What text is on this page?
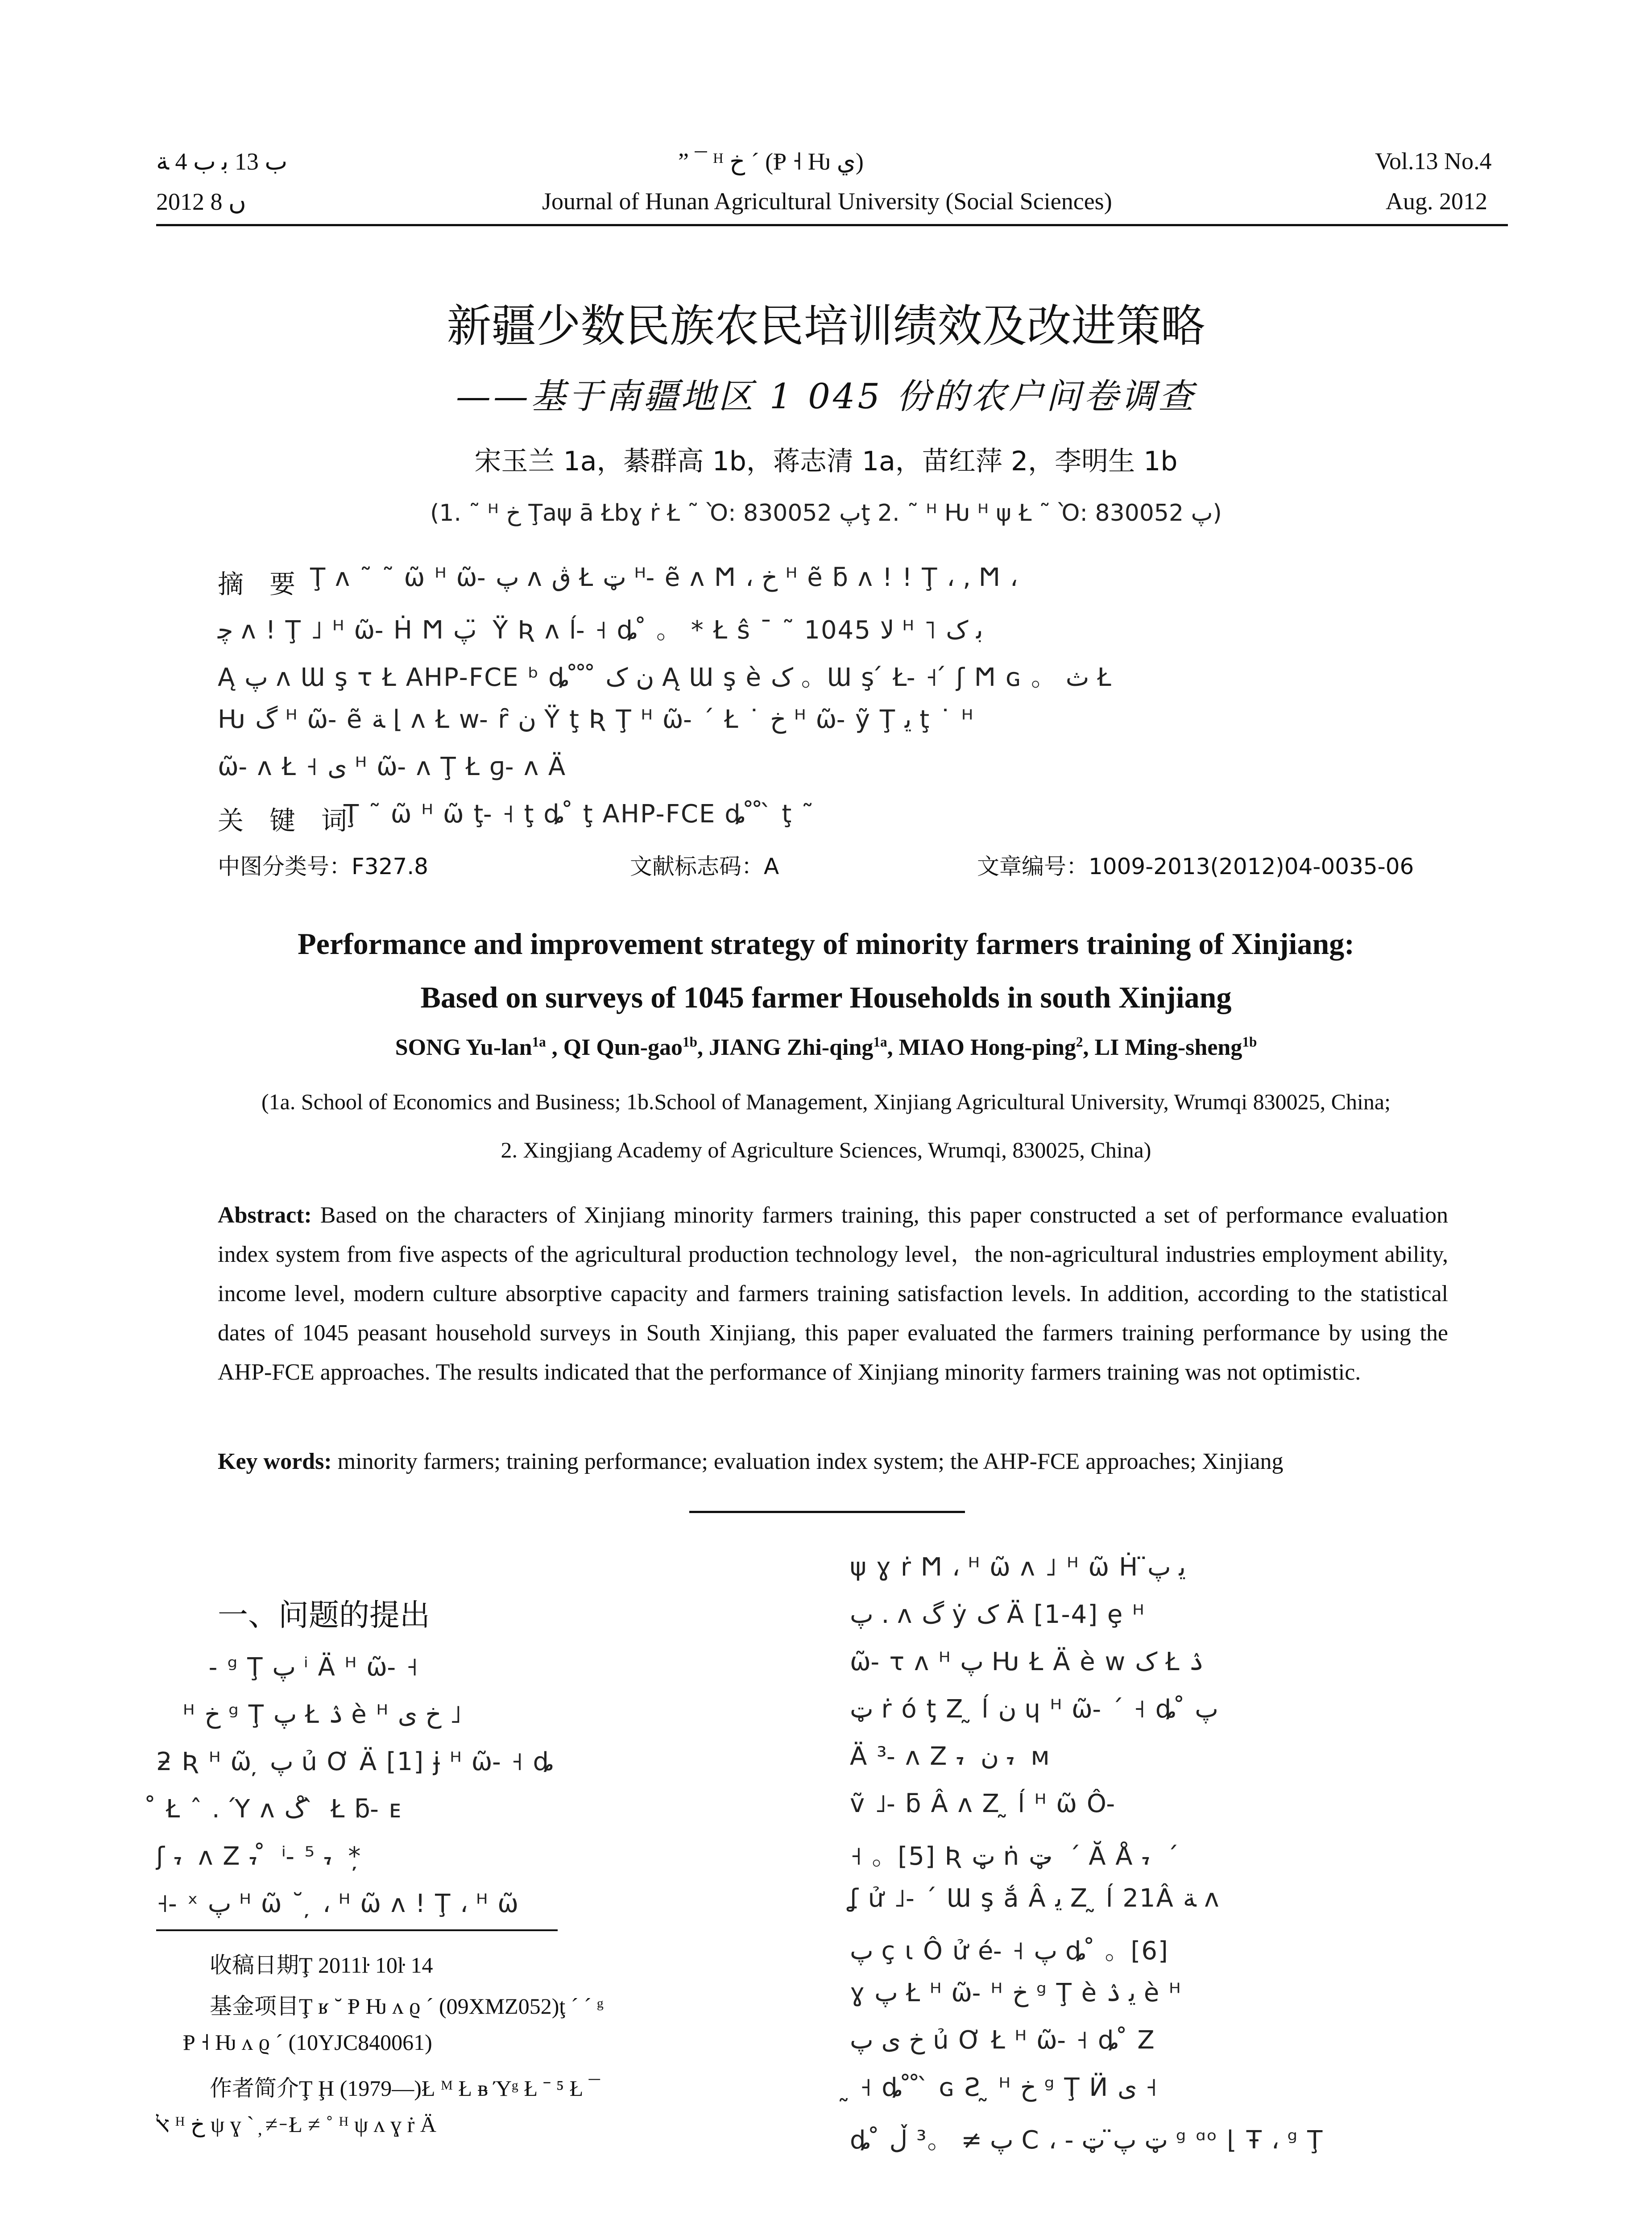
ب 13 ﺑ ب 4 ﺔ
2012 ں 8
” ¯ ᴴ خ ˊ (Ᵽ ˧ Ƕ ي)
Journal of Hunan Agricultural University (Social Sciences)
Vol.13 No.4
Aug. 2012
新疆少数民族农民培训绩效及改进策略
——基于南疆地区 1 045 份的农户问卷调查
宋玉兰 1a，綦群高 1b，蒋志清 1a，苗红萍 2，李明生 1b
(1. ˜ ᴴ خ Ţaψ ā Łbɣ ṙ Ł ˜ Ὸ: پ 830052ţ 2. ˜ ᴴ Ƕ ᴴ ψ Ł ˜ Ὸ: پ 830052)
摘　要 Ţ ᴧ ˜ ˜ ῶ ᴴ ῶ ̵ پ ᴧ ڨ Ł ټ ᴴ ̵ ẽ ᴧ Ϻ ، خ ᴴ ẽ ƃ ᴧ ! ! Ţ ، , Ϻ ،
ﭼ ᴧ ! Ţ ˩ ᴴ ῶ ̵ Ḣ Ϻ پ ̈ Ÿ Ʀ ᴧ ĺ ̵ ˧ ȡ ̊ 。 * Ł ŝ ¯ ˜ 1045 ﻻ ᴴ ˥ ﺑ ﮎ
Ą پ ᴧ Ɯ ş τ Ł AHP-FCE ᵇ ȡ ̊ ̊ ̊ ن ﮎ Ą Ɯ ş è ﮎ 。Ɯ ş ́ Ł ̵ ˧ ́ ʃ Ϻ ɢ 。 ث Ł
Ƕ گ ᴴ ῶ ̵ ẽ ﺔ ⌊ ᴧ Ł w ̵ ȓ ن Ÿ ţ Ʀ Ţ ᴴ ῶ ̵ ˊ Ł ˙ خ ᴴ ῶ ̵ ỹ Ţ ﯾ ţ ˙ ᴴ
ῶ ̵ ᴧ Ł ˧ ی ᴴ ῶ ̵ ᴧ Ţ Ł ɡ ̵ ᴧ Ä
关　键　词
Ţ ˜ ῶ ᴴ ῶ ţ ̵ ˧ ţ ȡ ̊ ţ AHP-FCE ȡ ̊ ̊ ̀ ţ ˜
中图分类号：F327.8	文献标志码：A	文章编号：1009-2013(2012)04-0035-06
Performance and improvement strategy of minority farmers training of Xinjiang:
Based on surveys of 1045 farmer Households in south Xinjiang
SONG Yu-lan$^{1a}$ , QI Qun-gao$^{1b}$, JIANG Zhi-qing$^{1a}$, MIAO Hong-ping$^2$, LI Ming-sheng$^{1b}$
(1a. School of Economics and Business; 1b.School of Management, Xinjiang Agricultural University, Wrumqi 830025, China;
2. Xingjiang Academy of Agriculture Sciences, Wrumqi, 830025, China)
Abstract: Based on the characters of Xinjiang minority farmers training, this paper constructed a set of performance evaluation index system from five aspects of the agricultural production technology level，the non-agricultural industries employment ability, income level, modern culture absorptive capacity and farmers training satisfaction levels. In addition, according to the statistical dates of 1045 peasant household surveys in South Xinjiang, this paper evaluated the farmers training performance by using the AHP-FCE approaches. The results indicated that the performance of Xinjiang minority farmers training was not optimistic.
Key words: minority farmers; training performance; evaluation index system; the AHP-FCE approaches; Xinjiang
一、问题的提出
̵ ᵍ Ţ پ ⁱ Ä ᴴ ῶ ̵ ˧
ᴴ خ ᵍ Ţ پ Ł ۮ è ᴴ خ ی ˩
ƻ Ʀ ᴴ ῶ ̦ پ ủ Ơ Ä [1] ɉ ᴴ ῶ ̵ ˧ ȡ
̊ Ł ˆ . Ύ ᴧ ﮎ ̊ ̀ Ł ƃ ̵ ᴇ
ʃ ، ̵ ᴧ Ζ ، ̵ ̊ ⁱ ̵ ⁵ ، ̵ * ̦
˧ ̵ ˣ پ ᴴ ῶ ˘ ̦ ، ᴴ ῶ ᴧ ! Ţ ، ᴴ ῶ
收稿日期Ţ 2011ŀ 10ŀ 14
基金项目Ţ ʁ ˘ Ᵽ Ƕ ᴧ ϱ ˊ (09XMZ052)ţ ˊ ˊ ᵍ
Ᵽ ˧ Ƕ ᴧ ϱ ˊ (10YJC840061)
作者简介Ţ Ḩ (1979—)Ł ᴹ Ł ᴃ Ύᵍ Ł ˉ ⁵ Ł ¯
ﭏ ᴴ خ ψ ɣ ˋ ̦ ≠ ̵ Ł ≠ ˚ ᴴ ψ ᴧ ɣ ṙ Ä
ψ ɣ ṙ Ϻ ، ᴴ ῶ ᴧ ˩ ᴴ ῶ Ḣ ﯾ پ̈
پ . ᴧ گ ẏ ﮎ Ä [1-4] ȩ ᴴ
ῶ ̵ τ ᴧ ᴴ پ Ƕ Ł Ä è w ﮎ Ł ۮ
ټ ṙ ó ƫ Ζ ̰ ĺ ن ɥ ᴴ ῶ ̵ ˊ ˧ ȡ ̊ پ
Ä ³ ̵ ᴧ Ζ ، ̵ ن ، ̵ ᴍ
ṽ ˩ ̵ ƃ Â ᴧ Ζ ̰ ĺ ᴴ ῶ Ô ̵
˧ 。[5] Ʀ ټ ṅ ټ ̵ ˊ Ă Å ، ̵ ˊ
ʆ ử ˩ ̵ ˊ Ɯ ş ắ Â ﯾ Ζ ̰ ĺ 21Â ﺔ ᴧ
پ ç ɩ Ô ử é ̵ ˧ پ ȡ ̊ 。[6]
ɣ پ Ł ᴴ ῶ ̵ ᴴ خ ᵍ Ţ è ﯾ ۮ è ᴴ
خ ی پ ủ Ơ Ł ᴴ ῶ ̵ ˧ ȡ ̊ Ζ
̰ ˧ ȡ ̊ ̊ ̀ ɢ Ƨ ̰ ᴴ خ ᵍ Ţ Ӥ ی ˧
ȡ ̊ پ ≠ 。³ ڵ C ، ‐ ټ پ̈ ټ ᵍ ᵅᵒ ⌊ Ŧ ، ᵍ Ţ
